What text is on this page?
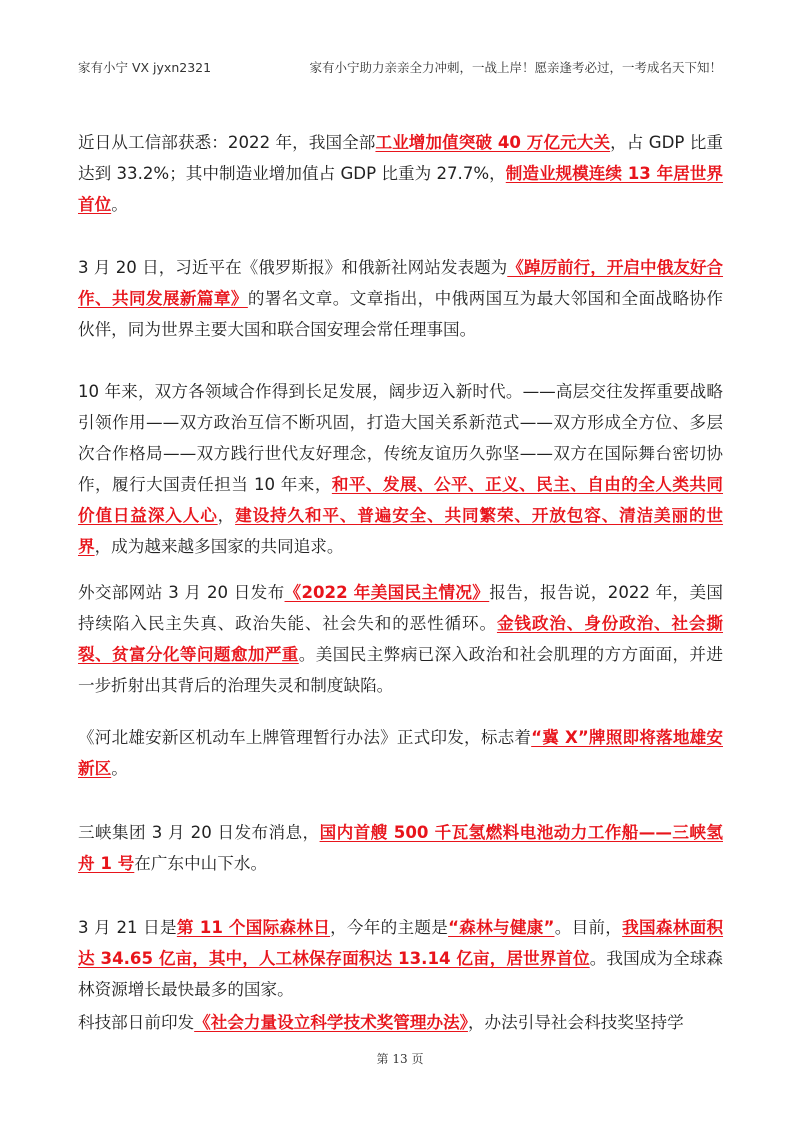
家有小宁 VX jyxn2321	家有小宁助力亲亲全力冲刺，一战上岸！愿亲逢考必过，一考成名天下知！

近日从工信部获悉：2022 年，我国全部工业增加值突破 40 万亿元大关，占 GDP 比重达到 33.2%；其中制造业增加值占 GDP 比重为 27.7%，制造业规模连续 13 年居世界首位。

3 月 20 日，习近平在《俄罗斯报》和俄新社网站发表题为《踔厉前行，开启中俄友好合作、共同发展新篇章》的署名文章。文章指出，中俄两国互为最大邻国和全面战略协作伙伴，同为世界主要大国和联合国安理会常任理事国。

10 年来，双方各领域合作得到长足发展，阔步迈入新时代。——高层交往发挥重要战略引领作用——双方政治互信不断巩固，打造大国关系新范式——双方形成全方位、多层次合作格局——双方践行世代友好理念，传统友谊历久弥坚——双方在国际舞台密切协作，履行大国责任担当 10 年来，和平、发展、公平、正义、民主、自由的全人类共同价值日益深入人心，建设持久和平、普遍安全、共同繁荣、开放包容、清洁美丽的世界，成为越来越多国家的共同追求。

外交部网站 3 月 20 日发布《2022 年美国民主情况》报告，报告说，2022 年，美国持续陷入民主失真、政治失能、社会失和的恶性循环。金钱政治、身份政治、社会撕裂、贫富分化等问题愈加严重。美国民主弊病已深入政治和社会肌理的方方面面，并进一步折射出其背后的治理失灵和制度缺陷。

《河北雄安新区机动车上牌管理暂行办法》正式印发，标志着“冀 X”牌照即将落地雄安新区。

三峡集团 3 月 20 日发布消息，国内首艘 500 千瓦氢燃料电池动力工作船——三峡氢舟 1 号在广东中山下水。

3 月 21 日是第 11 个国际森林日，今年的主题是“森林与健康”。目前，我国森林面积达 34.65 亿亩，其中，人工林保存面积达 13.14 亿亩，居世界首位。我国成为全球森林资源增长最快最多的国家。

科技部日前印发《社会力量设立科学技术奖管理办法》，办法引导社会科技奖坚持学

第 13 页
